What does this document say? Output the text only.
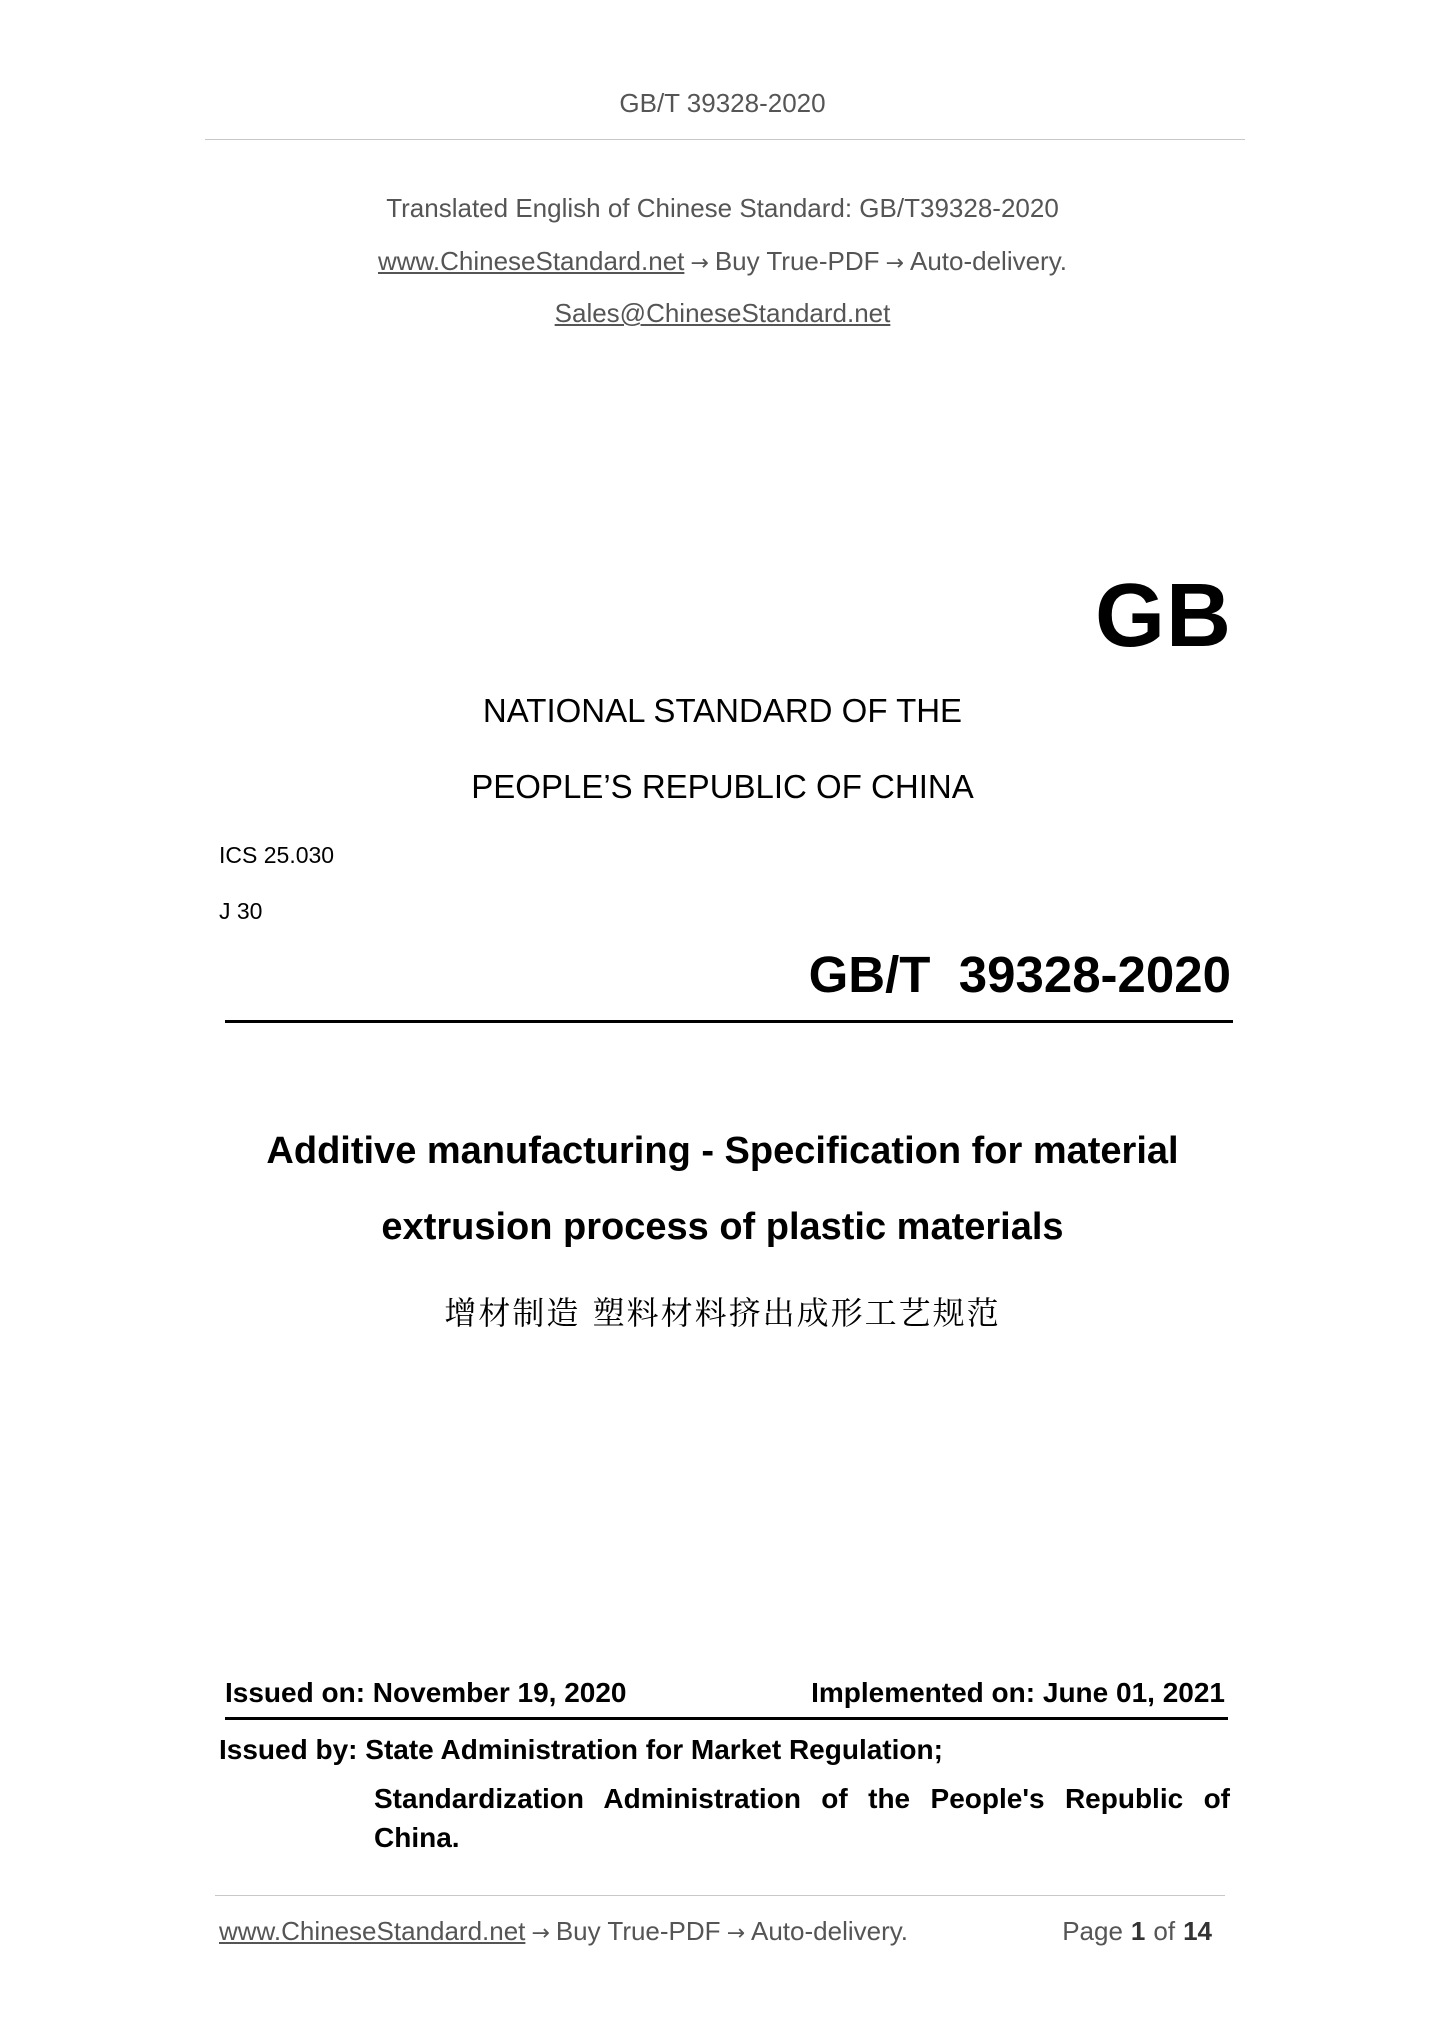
GB/T 39328-2020
Translated English of Chinese Standard: GB/T39328-2020
www.ChineseStandard.net → Buy True-PDF → Auto-delivery.
Sales@ChineseStandard.net
GB
NATIONAL STANDARD OF THE
PEOPLE’S REPUBLIC OF CHINA
ICS 25.030
J 30
GB/T  39328-2020
Additive manufacturing - Specification for material
extrusion process of plastic materials
增材制造 塑料材料挤出成形工艺规范
Issued on: November 19, 2020	Implemented on: June 01, 2021
Issued by: State Administration for Market Regulation;
Standardization Administration of the People's Republic of
China.
www.ChineseStandard.net → Buy True-PDF → Auto-delivery.	Page 1 of 14
